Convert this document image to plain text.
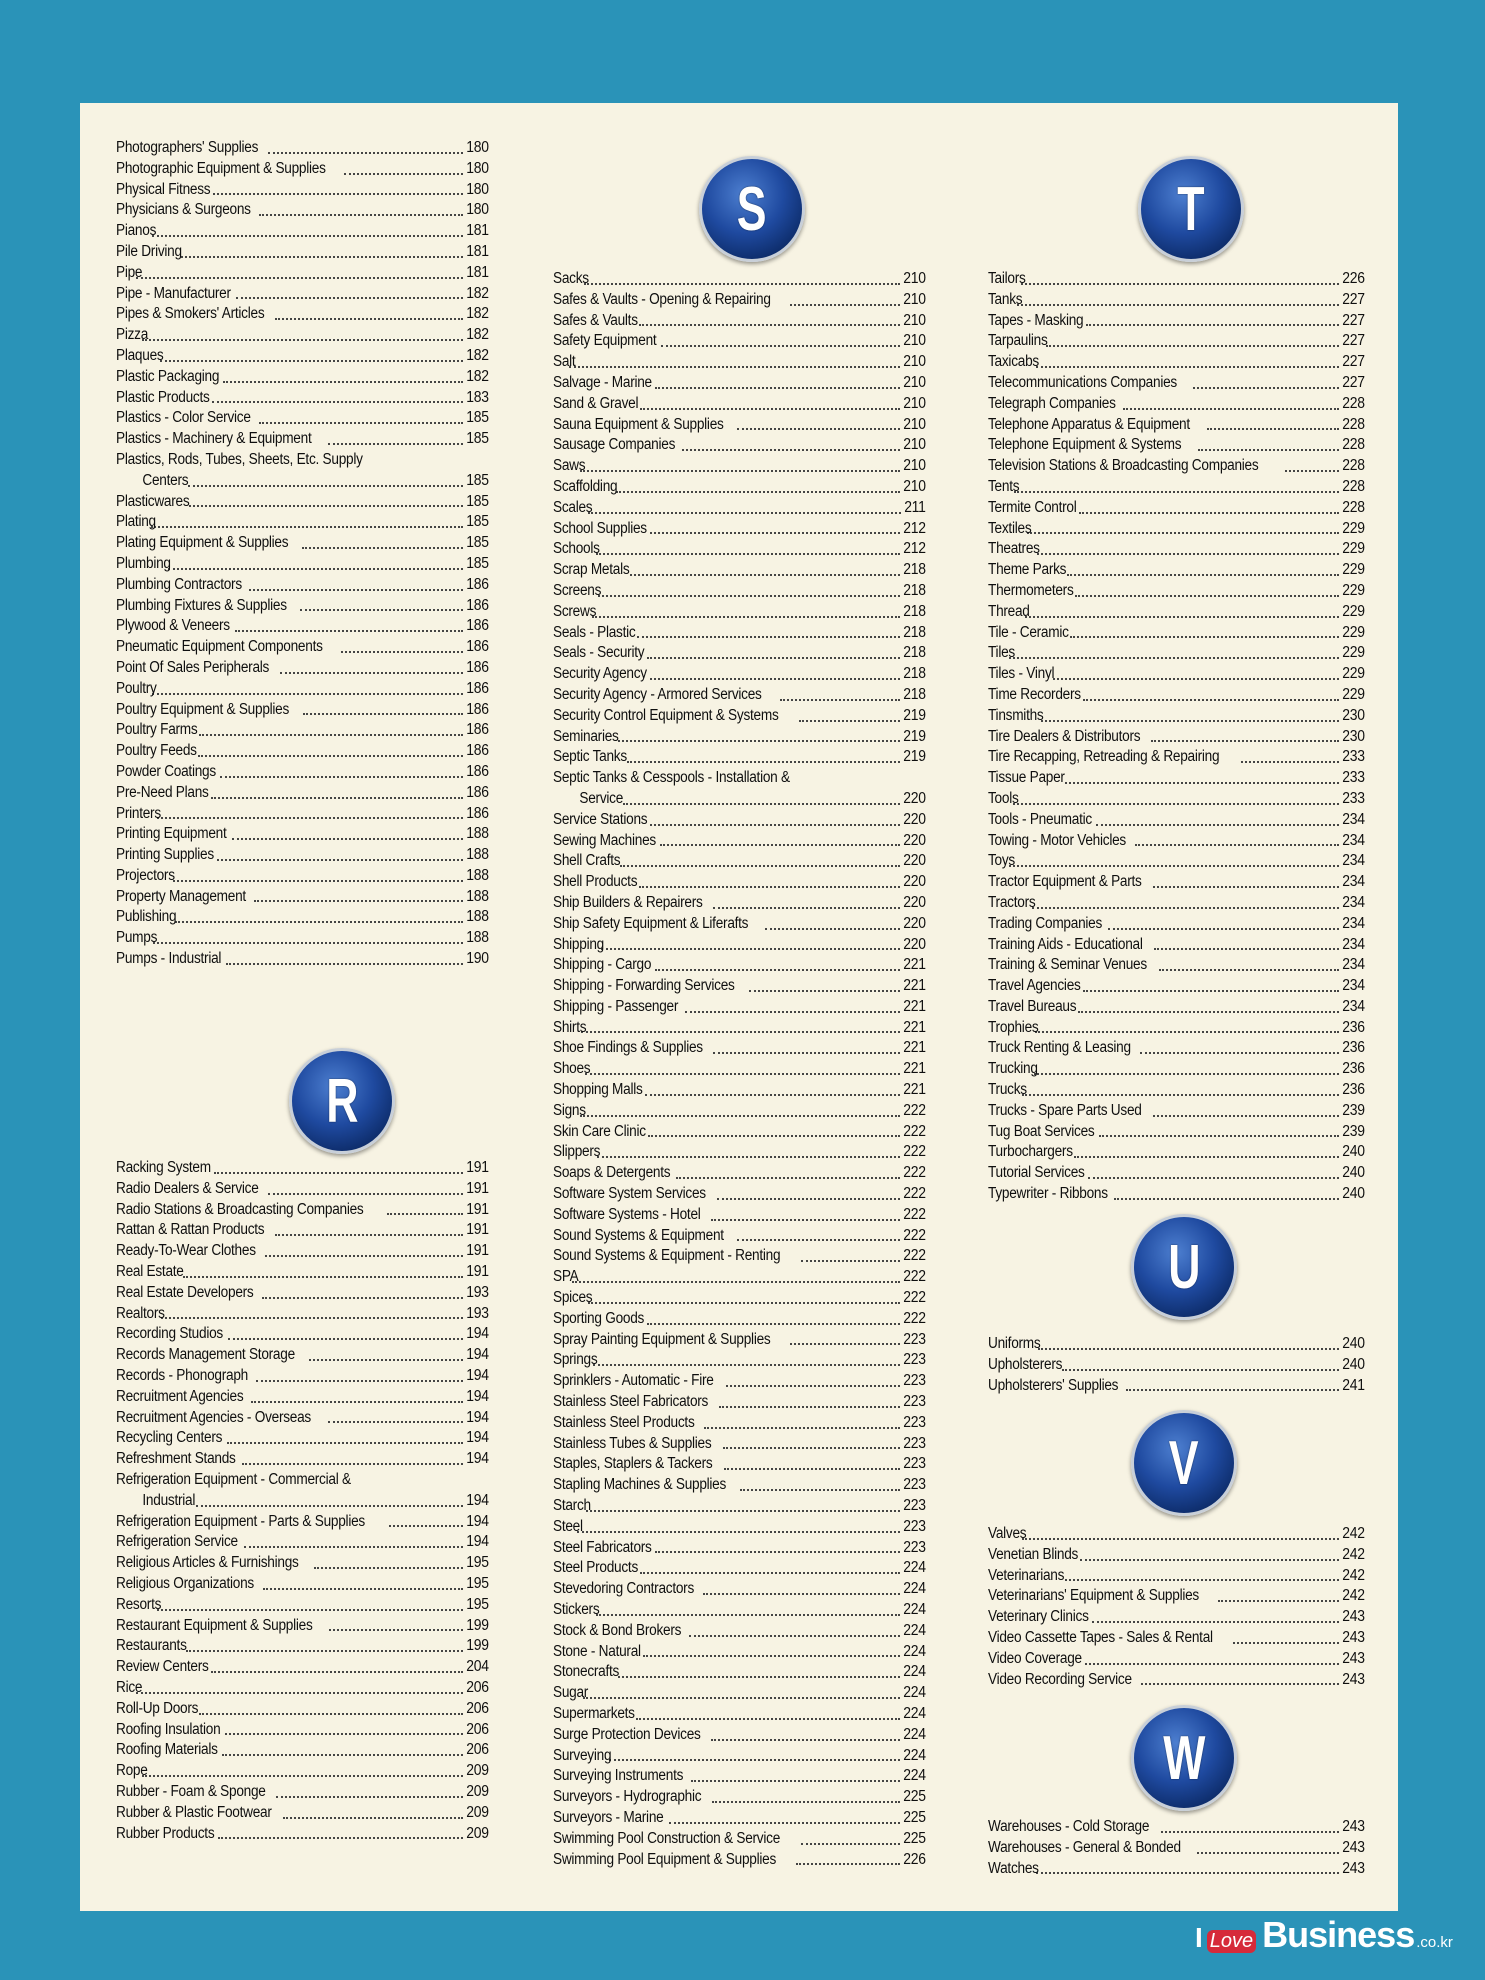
Photographers' Supplies	180
Photographic Equipment & Supplies	180
Physical Fitness	180
Physicians & Surgeons	180
Pianos	181
Pile Driving	181
Pipe	181
Pipe - Manufacturer	182
Pipes & Smokers' Articles	182
Pizza	182
Plaques	182
Plastic Packaging	182
Plastic Products	183
Plastics - Color Service	185
Plastics - Machinery & Equipment	185
Plastics, Rods, Tubes, Sheets, Etc. Supply
Centers	185
Plasticwares	185
Plating	185
Plating Equipment & Supplies	185
Plumbing	185
Plumbing Contractors	186
Plumbing Fixtures & Supplies	186
Plywood & Veneers	186
Pneumatic Equipment Components	186
Point Of Sales Peripherals	186
Poultry	186
Poultry Equipment & Supplies	186
Poultry Farms	186
Poultry Feeds	186
Powder Coatings	186
Pre-Need Plans	186
Printers	186
Printing Equipment	188
Printing Supplies	188
Projectors	188
Property Management	188
Publishing	188
Pumps	188
Pumps - Industrial	190
R
Racking System	191
Radio Dealers & Service	191
Radio Stations & Broadcasting Companies	191
Rattan & Rattan Products	191
Ready-To-Wear Clothes	191
Real Estate	191
Real Estate Developers	193
Realtors	193
Recording Studios	194
Records Management Storage	194
Records - Phonograph	194
Recruitment Agencies	194
Recruitment Agencies - Overseas	194
Recycling Centers	194
Refreshment Stands	194
Refrigeration Equipment - Commercial &
Industrial	194
Refrigeration Equipment - Parts & Supplies	194
Refrigeration Service	194
Religious Articles & Furnishings	195
Religious Organizations	195
Resorts	195
Restaurant Equipment & Supplies	199
Restaurants	199
Review Centers	204
Rice	206
Roll-Up Doors	206
Roofing Insulation	206
Roofing Materials	206
Rope	209
Rubber - Foam & Sponge	209
Rubber & Plastic Footwear	209
Rubber Products	209
S
Sacks	210
Safes & Vaults - Opening & Repairing	210
Safes & Vaults	210
Safety Equipment	210
Salt	210
Salvage - Marine	210
Sand & Gravel	210
Sauna Equipment & Supplies	210
Sausage Companies	210
Saws	210
Scaffolding	210
Scales	211
School Supplies	212
Schools	212
Scrap Metals	218
Screens	218
Screws	218
Seals - Plastic	218
Seals - Security	218
Security Agency	218
Security Agency - Armored Services	218
Security Control Equipment & Systems	219
Seminaries	219
Septic Tanks	219
Septic Tanks & Cesspools - Installation &
Service	220
Service Stations	220
Sewing Machines	220
Shell Crafts	220
Shell Products	220
Ship Builders & Repairers	220
Ship Safety Equipment & Liferafts	220
Shipping	220
Shipping - Cargo	221
Shipping - Forwarding Services	221
Shipping - Passenger	221
Shirts	221
Shoe Findings & Supplies	221
Shoes	221
Shopping Malls	221
Signs	222
Skin Care Clinic	222
Slippers	222
Soaps & Detergents	222
Software System Services	222
Software Systems - Hotel	222
Sound Systems & Equipment	222
Sound Systems & Equipment - Renting	222
SPA	222
Spices	222
Sporting Goods	222
Spray Painting Equipment & Supplies	223
Springs	223
Sprinklers - Automatic - Fire	223
Stainless Steel Fabricators	223
Stainless Steel Products	223
Stainless Tubes & Supplies	223
Staples, Staplers & Tackers	223
Stapling Machines & Supplies	223
Starch	223
Steel	223
Steel Fabricators	223
Steel Products	224
Stevedoring Contractors	224
Stickers	224
Stock & Bond Brokers	224
Stone - Natural	224
Stonecrafts	224
Sugar	224
Supermarkets	224
Surge Protection Devices	224
Surveying	224
Surveying Instruments	224
Surveyors - Hydrographic	225
Surveyors - Marine	225
Swimming Pool Construction & Service	225
Swimming Pool Equipment & Supplies	226
T
Tailors	226
Tanks	227
Tapes - Masking	227
Tarpaulins	227
Taxicabs	227
Telecommunications Companies	227
Telegraph Companies	228
Telephone Apparatus & Equipment	228
Telephone Equipment & Systems	228
Television Stations & Broadcasting Companies	228
Tents	228
Termite Control	228
Textiles	229
Theatres	229
Theme Parks	229
Thermometers	229
Thread	229
Tile - Ceramic	229
Tiles	229
Tiles - Vinyl	229
Time Recorders	229
Tinsmiths	230
Tire Dealers & Distributors	230
Tire Recapping, Retreading & Repairing	233
Tissue Paper	233
Tools	233
Tools - Pneumatic	234
Towing - Motor Vehicles	234
Toys	234
Tractor Equipment & Parts	234
Tractors	234
Trading Companies	234
Training Aids - Educational	234
Training & Seminar Venues	234
Travel Agencies	234
Travel Bureaus	234
Trophies	236
Truck Renting & Leasing	236
Trucking	236
Trucks	236
Trucks - Spare Parts Used	239
Tug Boat Services	239
Turbochargers	240
Tutorial Services	240
Typewriter - Ribbons	240
U
Uniforms	240
Upholsterers	240
Upholsterers' Supplies	241
V
Valves	242
Venetian Blinds	242
Veterinarians	242
Veterinarians' Equipment & Supplies	242
Veterinary Clinics	243
Video Cassette Tapes - Sales & Rental	243
Video Coverage	243
Video Recording Service	243
W
Warehouses - Cold Storage	243
Warehouses - General & Bonded	243
Watches	243
I Love Business .co.kr
